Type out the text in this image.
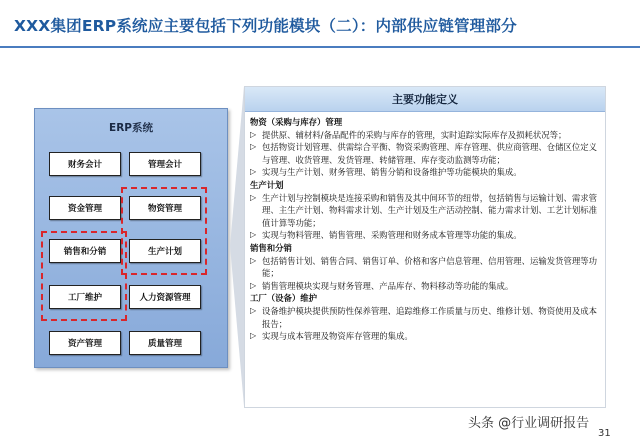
XXX集团ERP系统应主要包括下列功能模块（二）：内部供应链管理部分
ERP系统
财务会计	管理会计
资金管理	物资管理
销售和分销	生产计划
工厂维护	人力资源管理
资产管理	质量管理
主要功能定义
物资（采购与库存）管理
▷ 提供原、辅材料/备品配件的采购与库存的管理，实时追踪实际库存及损耗状况等；
▷ 包括物资计划管理、供需综合平衡、物资采购管理、库存管理、供应商管理、仓储区位定义与管理、收货管理、发货管理、转储管理、库存变动监测等功能；
▷ 实现与生产计划、财务管理、销售分销和设备维护等功能模块的集成。
生产计划
▷ 生产计划与控制模块是连接采购和销售及其中间环节的纽带，包括销售与运输计划、需求管理、主生产计划、物料需求计划、生产计划及生产活动控制、能力需求计划、工艺计划标准值计算等功能；
▷ 实现与物料管理、销售管理、采购管理和财务成本管理等功能的集成。
销售和分销
▷ 包括销售计划、销售合同、销售订单、价格和客户信息管理、信用管理、运输发货管理等功能；
▷ 销售管理模块实现与财务管理、产品库存、物料移动等功能的集成。
工厂（设备）维护
▷ 设备维护模块提供预防性保养管理、追踪维修工作质量与历史、维修计划、物资使用及成本报告；
▷ 实现与成本管理及物资库存管理的集成。
头条 @行业调研报告
31
